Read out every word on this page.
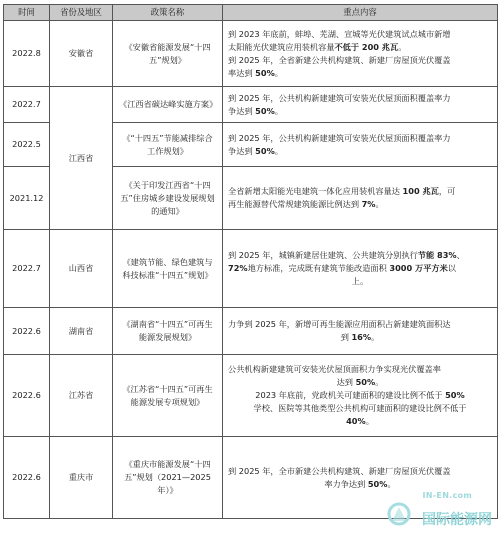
时间	省份及地区	政策名称	重点内容
2022.8	安徽省	《安徽省能源发展“十四五”规划》	到 2023 年底前，蚌埠、芜湖、宣城等光伏建筑试点城市新增
太阳能光伏建筑应用装机容量不低于 200 兆瓦。
到 2025 年，全省新建公共机构建筑、新建厂房屋顶光伏覆盖
率达到 50%。

2022.7	江西省	《江西省碳达峰实施方案》	到 2025 年，公共机构新建建筑可安装光伏屋顶面积覆盖率力
争达到 50%。

2022.5		《“十四五”节能减排综合工作规划》	到 2025 年，公共机构新建建筑可安装光伏屋顶面积覆盖率力
争达到 50%。

2021.12		《关于印发江西省“十四五”住房城乡建设发展规划的通知》	全省新增太阳能光电建筑一体化应用装机容量达 100 兆瓦，可
再生能源替代常规建筑能源比例达到 7%。

2022.7	山西省	《建筑节能、绿色建筑与科技标准“十四五”规划》	到 2025 年，城镇新建居住建筑、公共建筑分别执行节能 83%、
72%地方标准，完成既有建筑节能改造面积 3000 万平方米以
上。

2022.6	湖南省	《湖南省“十四五”可再生能源发展规划》	力争到 2025 年，新增可再生能源应用面积占新建建筑面积达
到 16%。

2022.6	江苏省	《江苏省“十四五”可再生能源发展专项规划》	公共机构新建建筑可安装光伏屋顶面积力争实现光伏覆盖率
达到 50%。
2023 年底前，党政机关可建面积的建设比例不低于 50%
学校、医院等其他类型公共机构可建面积的建设比例不低于
40%。

2022.6	重庆市	《重庆市能源发展“十四五”规划（2021—2025 年）》	到 2025 年，全市新建公共机构建筑、新建厂房屋顶光伏覆盖
率力争达到 50%。
IN-EN.com
国际能源网
